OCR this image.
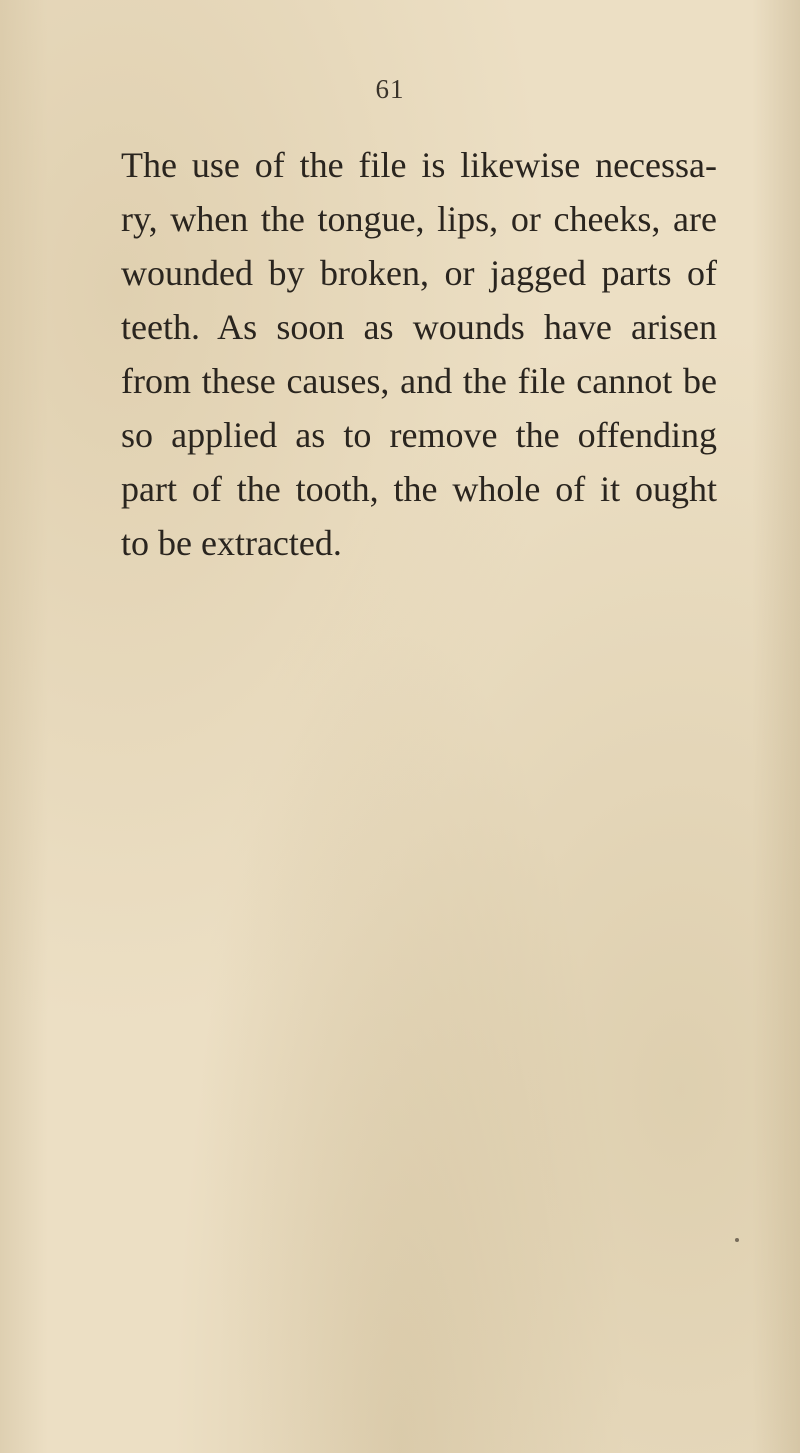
61
The use of the file is likewise necessa-
ry, when the tongue, lips, or cheeks, are
wounded by broken, or jagged parts of
teeth. As soon as wounds have arisen
from these causes, and the file cannot be
so applied as to remove the offending
part of the tooth, the whole of it ought
to be extracted.
